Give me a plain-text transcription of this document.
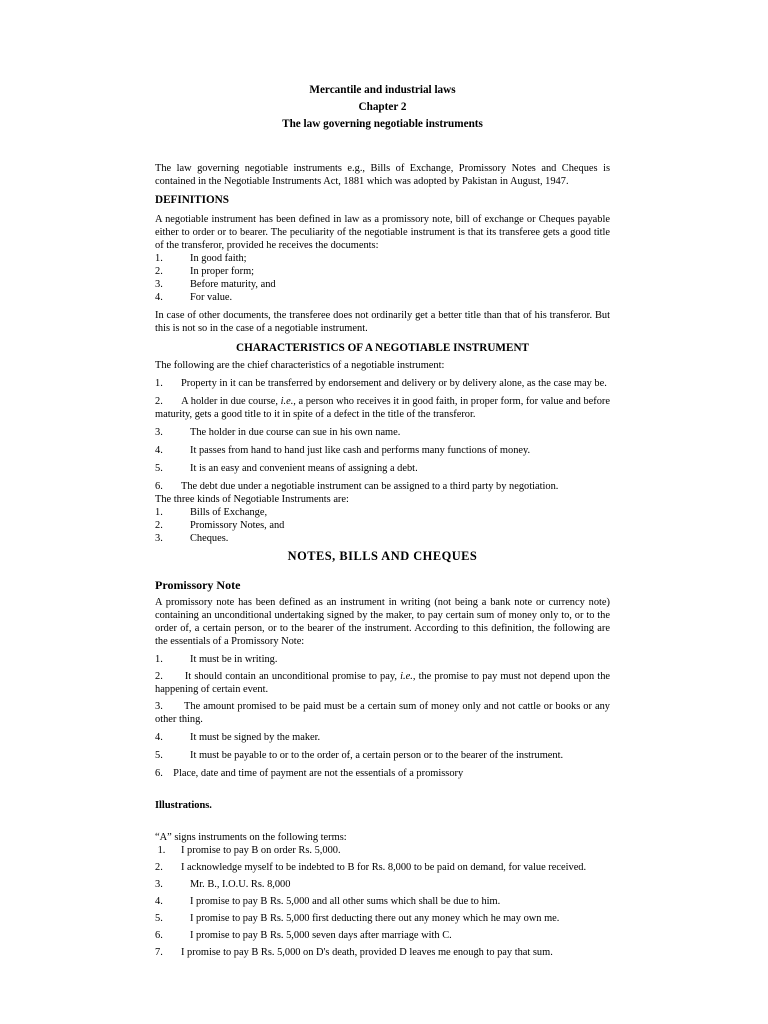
Mercantile and industrial laws
Chapter 2
The law governing negotiable instruments

The law governing negotiable instruments e.g., Bills of Exchange, Promissory Notes and Cheques is contained in the Negotiable Instruments Act, 1881 which was adopted by Pakistan in August, 1947.

DEFINITIONS

A negotiable instrument has been defined in law as a promissory note, bill of exchange or Cheques payable either to order or to bearer. The peculiarity of the negotiable instrument is that its transferee gets a good title of the transferor, provided he receives the documents:

1.	In good faith;
2.	In proper form;
3.	Before maturity, and
4.	For value.

In case of other documents, the transferee does not ordinarily get a better title than that of his transferor. But this is not so in the case of a negotiable instrument.

CHARACTERISTICS OF A NEGOTIABLE INSTRUMENT

The following are the chief characteristics of a negotiable instrument:

1.       Property in it can be transferred by endorsement and delivery or by delivery alone, as the case may be.

2.       A holder in due course, i.e., a person who receives it in good faith, in proper form, for value and before maturity, gets a good title to it in spite of a defect in the title of the transferor.

3.	The holder in due course can sue in his own name.
4.	It passes from hand to hand just like cash and performs many functions of money.
5.	It is an easy and convenient means of assigning a debt.

6.       The debt due under a negotiable instrument can be assigned to a third party by negotiation.

The three kinds of Negotiable Instruments are:

1.	Bills of Exchange,
2.	Promissory Notes, and
3.	Cheques.
NOTES, BILLS AND CHEQUES
Promissory Note

A promissory note has been defined as an instrument in writing (not being a bank note or currency note) containing an unconditional undertaking signed by the maker, to pay certain sum of money only to, or to the order of, a certain person, or to the bearer of the instrument. According to this definition, the following are the essentials of a Promissory Note:

1.	It must be in writing.

2.       It should contain an unconditional promise to pay, i.e., the promise to pay must not depend upon the happening of certain event.

3.       The amount promised to be paid must be a certain sum of money only and not cattle or books or any other thing.

4.	It must be signed by the maker.
5.	It must be payable to or to the order of, a certain person or to the bearer of the instrument.

6.    Place, date and time of payment are not the essentials of a promissory

Illustrations.

“A” signs instruments on the following terms:

1.      I promise to pay B on order Rs. 5,000.

2.       I acknowledge myself to be indebted to B for Rs. 8,000 to be paid on demand, for value received.

3.	Mr. B., I.O.U. Rs. 8,000
4.	I promise to pay B Rs. 5,000 and all other sums which shall be due to him.
5.	I promise to pay B Rs. 5,000 first deducting there out any money which he may own me.
6.	I promise to pay B Rs. 5,000 seven days after marriage with C.

7.       I promise to pay B Rs. 5,000 on D's death, provided D leaves me enough to pay that sum.
